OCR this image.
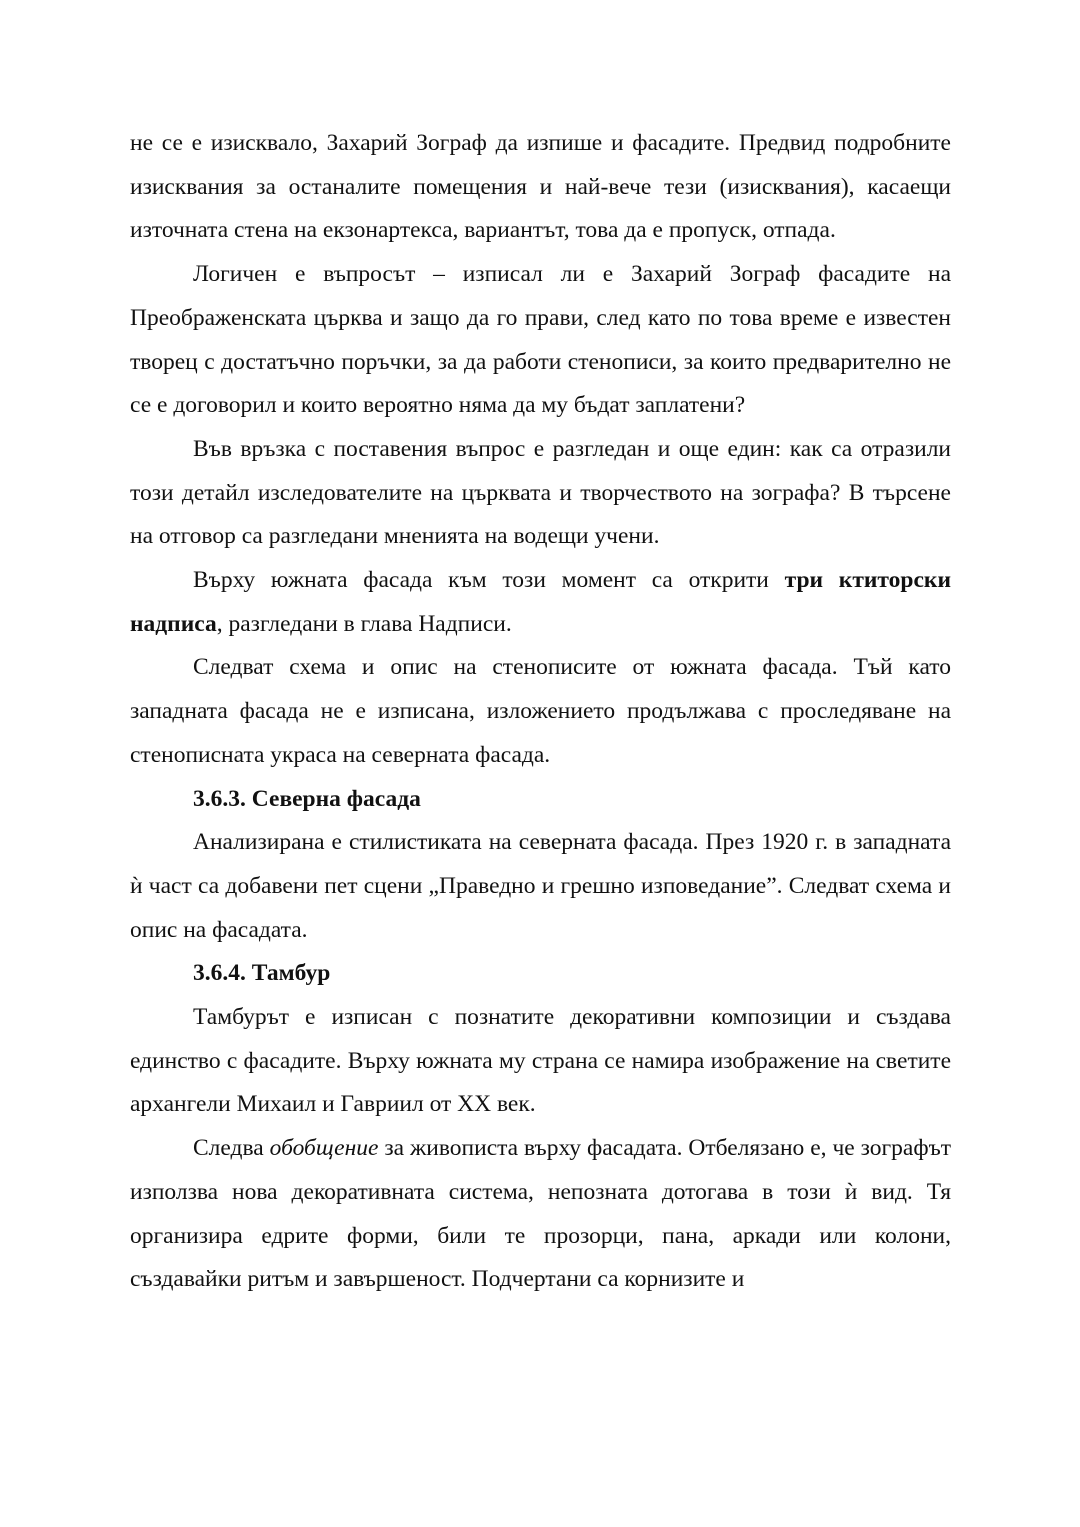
не се е изисквало, Захарий Зограф да изпише и фасадите. Предвид подробните изисквания за останалите помещения и най-вече тези (изисквания), касаещи източната стена на екзонартекса, вариантът, това да е пропуск, отпада.

Логичен е въпросът – изписал ли е Захарий Зограф фасадите на Преображенската църква и защо да го прави, след като по това време е известен творец с достатъчно поръчки, за да работи стенописи, за които предварително не се е договорил и които вероятно няма да му бъдат заплатени?

Във връзка с поставения въпрос е разгледан и още един: как са отразили този детайл изследователите на църквата и творчеството на зографа? В търсене на отговор са разгледани мненията на водещи учени.

Върху южната фасада към този момент са открити три ктиторски надписа, разгледани в глава Надписи.

Следват схема и опис на стенописите от южната фасада. Тъй като западната фасада не е изписана, изложението продължава с проследяване на стенописната украса на северната фасада.

3.6.3. Северна фасада

Анализирана е стилистиката на северната фасада. През 1920 г. в западната ѝ част са добавени пет сцени „Праведно и грешно изповедание”. Следват схема и опис на фасадата.

3.6.4. Тамбур

Тамбурът е изписан с познатите декоративни композиции и създава единство с фасадите. Върху южната му страна се намира изображение на светите архангели Михаил и Гавриил от XX век.

Следва обобщение за живописта върху фасадата. Отбелязано е, че зографът използва нова декоративната система, непозната дотогава в този ѝ вид. Тя организира едрите форми, били те прозорци, пана, аркади или колони, създавайки ритъм и завършеност. Подчертани са корнизите и
